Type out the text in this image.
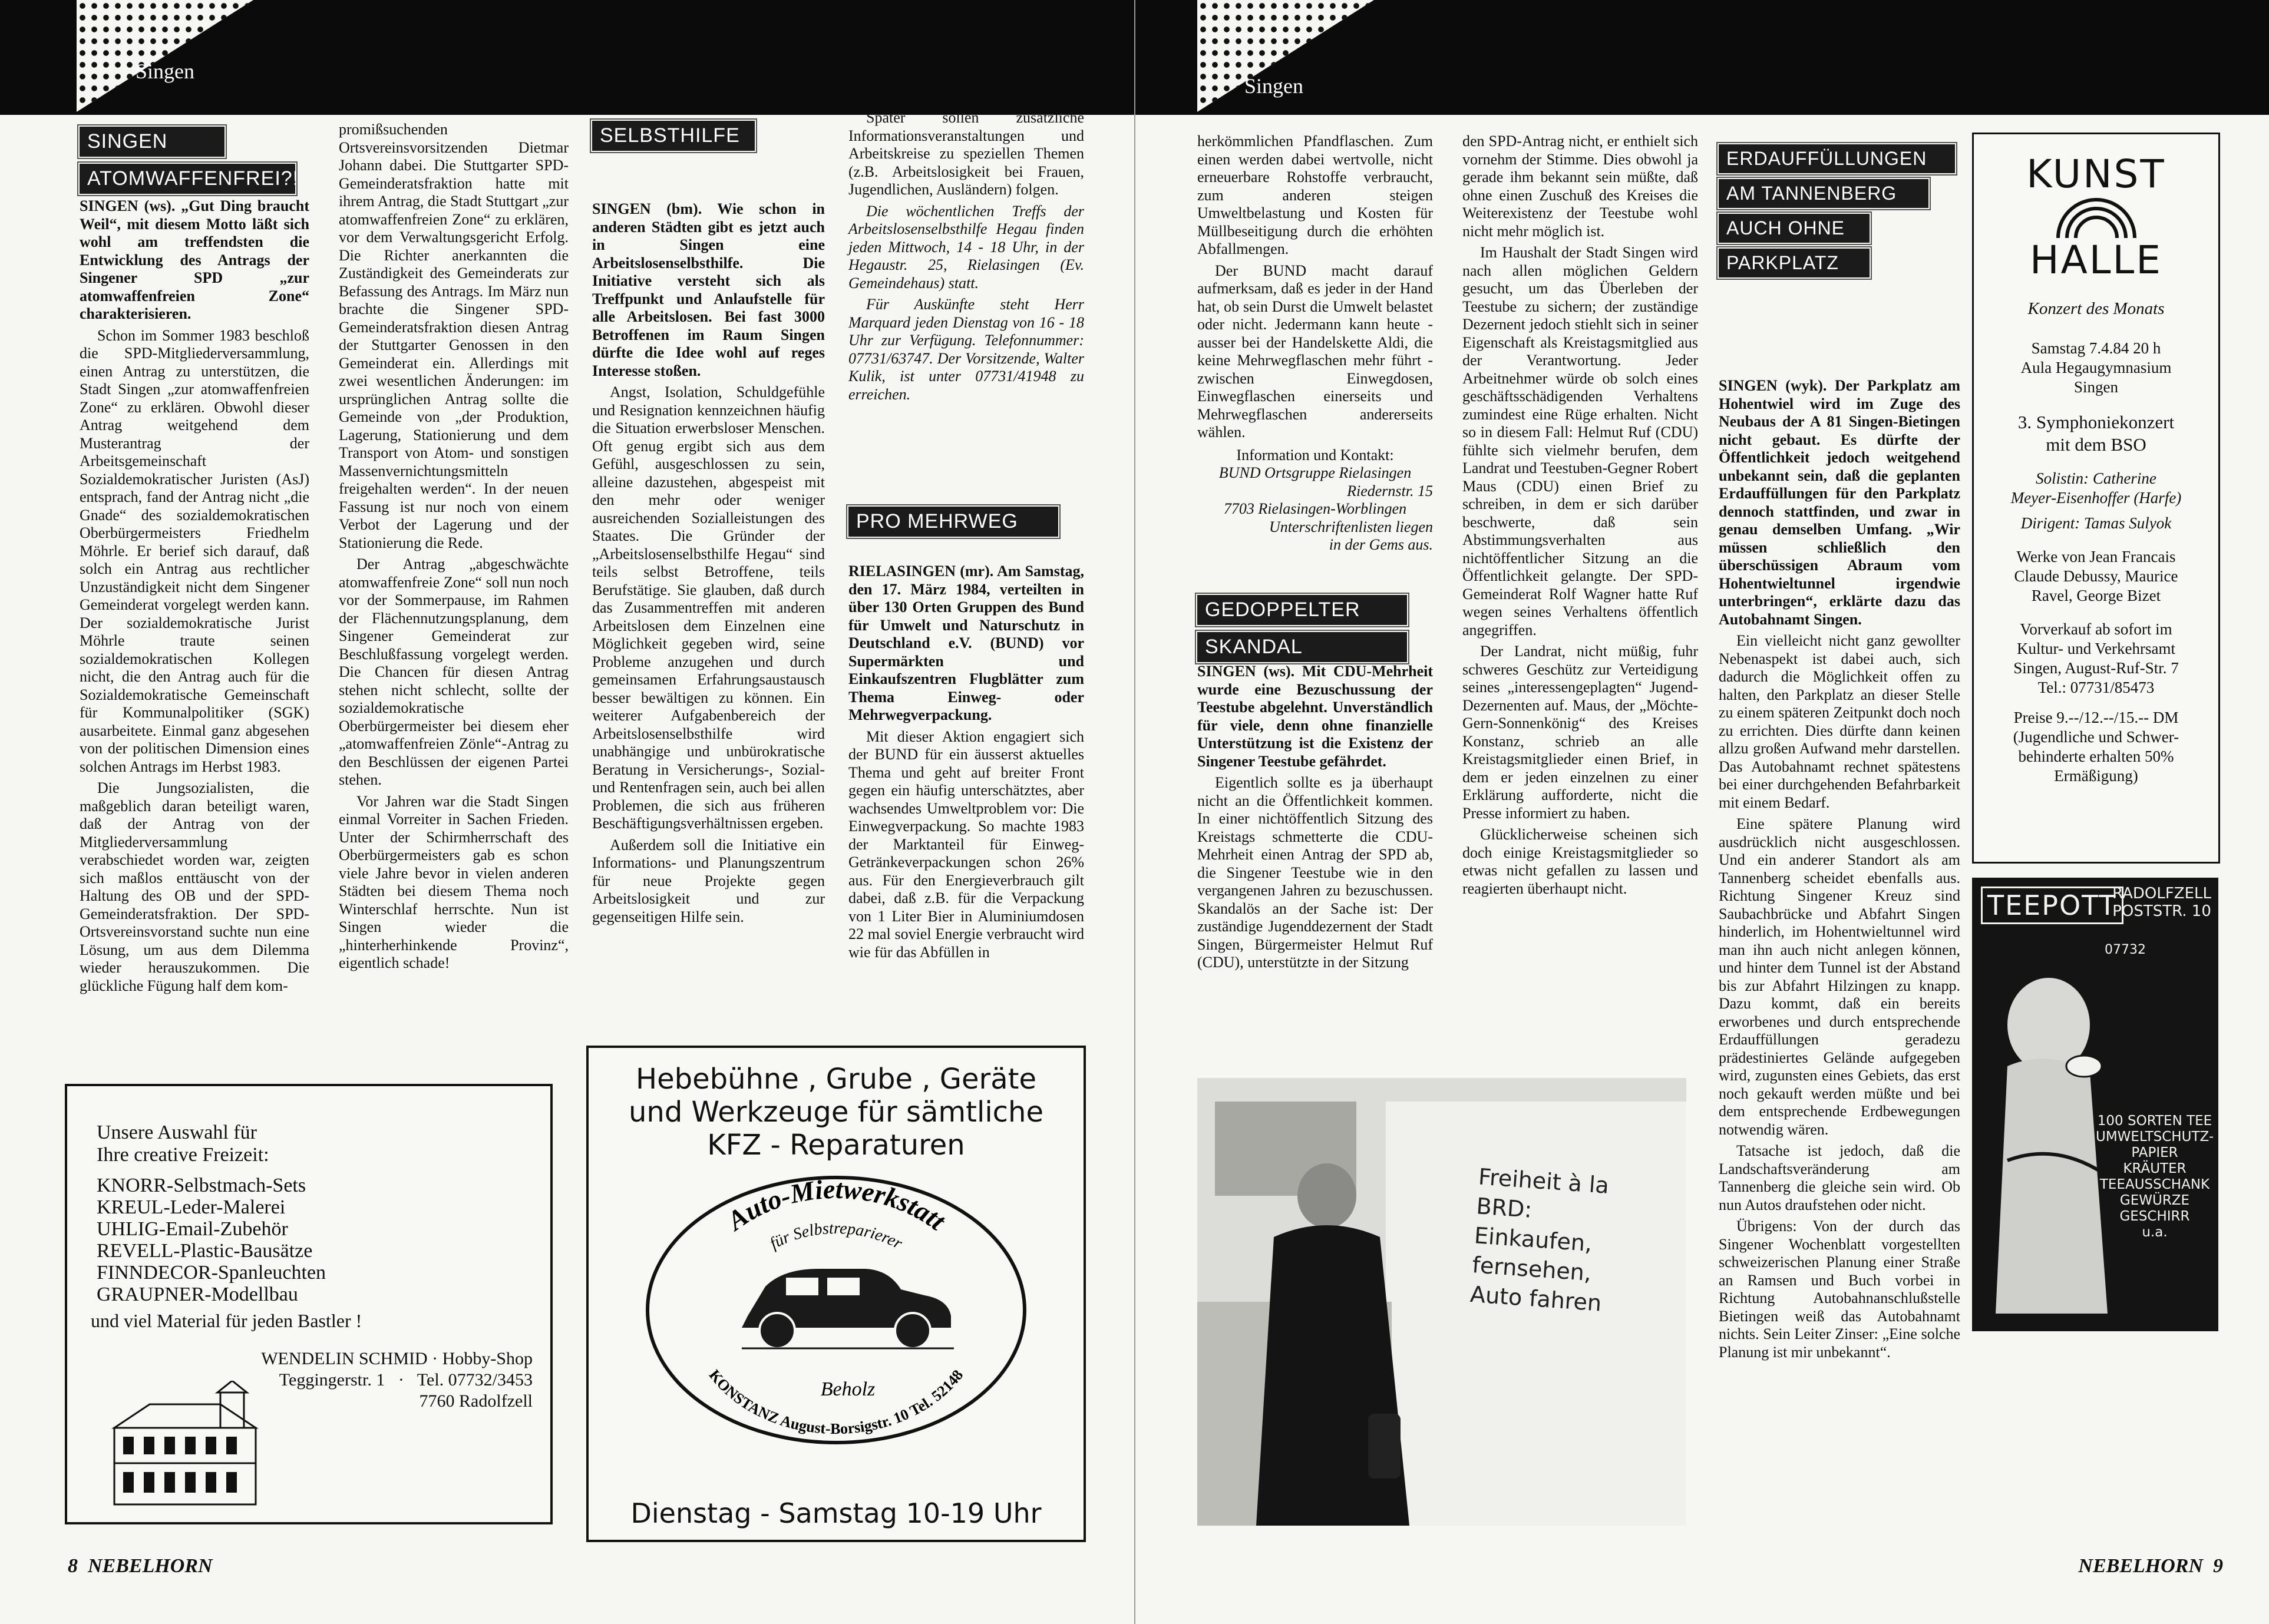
Singen
SINGEN
ATOMWAFFENFREI?!

SINGEN (ws). „Gut Ding braucht Weil“, mit diesem Motto läßt sich wohl am treffendsten die Entwicklung des Antrags der Singener SPD „zur atomwaffenfreien Zone“ charakterisieren.

Schon im Sommer 1983 beschloß die SPD-Mitgliederversammlung, einen Antrag zu unterstützen, die Stadt Singen „zur atomwaffenfreien Zone“ zu erklären. Obwohl dieser Antrag weitgehend dem Musterantrag der Arbeitsgemeinschaft Sozialdemokratischer Juristen (AsJ) entsprach, fand der Antrag nicht „die Gnade“ des sozialdemokratischen Oberbürgermeisters Friedhelm Möhrle. Er berief sich darauf, daß solch ein Antrag aus rechtlicher Unzuständigkeit nicht dem Singener Gemeinderat vorgelegt werden kann. Der sozialdemokratische Jurist Möhrle traute seinen sozialdemokratischen Kollegen nicht, die den Antrag auch für die Sozialdemokratische Gemeinschaft für Kommunalpolitiker (SGK) ausarbeitete. Einmal ganz abgesehen von der politischen Dimension eines solchen Antrags im Herbst 1983.

Die Jungsozialisten, die maßgeblich daran beteiligt waren, daß der Antrag von der Mitgliederversammlung verabschiedet worden war, zeigten sich maßlos enttäuscht von der Haltung des OB und der SPD-Gemeinderatsfraktion. Der SPD-Ortsvereinsvorstand suchte nun eine Lösung, um aus dem Dilemma wieder herauszukommen. Die glückliche Fügung half dem kom-

promißsuchenden Ortsvereinsvorsitzenden Dietmar Johann dabei. Die Stuttgarter SPD-Gemeinderatsfraktion hatte mit ihrem Antrag, die Stadt Stuttgart „zur atomwaffenfreien Zone“ zu erklären, vor dem Verwaltungsgericht Erfolg. Die Richter anerkannten die Zuständigkeit des Gemeinderats zur Befassung des Antrags. Im März nun brachte die Singener SPD-Gemeinderatsfraktion diesen Antrag der Stuttgarter Genossen in den Gemeinderat ein. Allerdings mit zwei wesentlichen Änderungen: im ursprünglichen Antrag sollte die Gemeinde von „der Produktion, Lagerung, Stationierung und dem Transport von Atom- und sonstigen Massenvernichtungsmitteln freigehalten werden“. In der neuen Fassung ist nur noch von einem Verbot der Lagerung und der Stationierung die Rede.

Der Antrag „abgeschwächte atomwaffenfreie Zone“ soll nun noch vor der Sommerpause, im Rahmen der Flächennutzungsplanung, dem Singener Gemeinderat zur Beschlußfassung vorgelegt werden. Die Chancen für diesen Antrag stehen nicht schlecht, sollte der sozialdemokratische Oberbürgermeister bei diesem eher „atomwaffenfreien Zönle“-Antrag zu den Beschlüssen der eigenen Partei stehen.

Vor Jahren war die Stadt Singen einmal Vorreiter in Sachen Frieden. Unter der Schirmherrschaft des Oberbürgermeisters gab es schon viele Jahre bevor in vielen anderen Städten bei diesem Thema noch Winterschlaf herrschte. Nun ist Singen wieder die „hinterherhinkende Provinz“, eigentlich schade!

SELBSTHILFE

SINGEN (bm). Wie schon in anderen Städten gibt es jetzt auch in Singen eine Arbeitslosenselbsthilfe. Die Initiative versteht sich als Treffpunkt und Anlaufstelle für alle Arbeitslosen. Bei fast 3000 Betroffenen im Raum Singen dürfte die Idee wohl auf reges Interesse stoßen.

Angst, Isolation, Schuldgefühle und Resignation kennzeichnen häufig die Situation erwerbsloser Menschen. Oft genug ergibt sich aus dem Gefühl, ausgeschlossen zu sein, alleine dazustehen, abgespeist mit den mehr oder weniger ausreichenden Sozialleistungen des Staates. Die Gründer der „Arbeitslosenselbsthilfe Hegau“ sind teils selbst Betroffene, teils Berufstätige. Sie glauben, daß durch das Zusammentreffen mit anderen Arbeitslosen dem Einzelnen eine Möglichkeit gegeben wird, seine Probleme anzugehen und durch gemeinsamen Erfahrungsaustausch besser bewältigen zu können. Ein weiterer Aufgabenbereich der Arbeitslosenselbsthilfe wird unabhängige und unbürokratische Beratung in Versicherungs-, Sozial- und Rentenfragen sein, auch bei allen Problemen, die sich aus früheren Beschäftigungsverhältnissen ergeben.

Außerdem soll die Initiative ein Informations- und Planungszentrum für neue Projekte gegen Arbeitslosigkeit und zur gegenseitigen Hilfe sein.

Später sollen zusätzliche Informationsveranstaltungen und Arbeitskreise zu speziellen Themen (z.B. Arbeitslosigkeit bei Frauen, Jugendlichen, Ausländern) folgen.

Die wöchentlichen Treffs der Arbeitslosenselbsthilfe Hegau finden jeden Mittwoch, 14 - 18 Uhr, in der Hegaustr. 25, Rielasingen (Ev. Gemeindehaus) statt.

Für Auskünfte steht Herr Marquard jeden Dienstag von 16 - 18 Uhr zur Verfügung. Telefonnummer: 07731/63747. Der Vorsitzende, Walter Kulik, ist unter 07731/41948 zu erreichen.

PRO MEHRWEG

RIELASINGEN (mr). Am Samstag, den 17. März 1984, verteilten in über 130 Orten Gruppen des Bund für Umwelt und Naturschutz in Deutschland e.V. (BUND) vor Supermärkten und Einkaufszentren Flugblätter zum Thema Einweg- oder Mehrwegverpackung.

Mit dieser Aktion engagiert sich der BUND für ein äusserst aktuelles Thema und geht auf breiter Front gegen ein häufig unterschätztes, aber wachsendes Umweltproblem vor: Die Einwegverpackung. So machte 1983 der Marktanteil für Einweg-Getränkeverpackungen schon 26% aus. Für den Energieverbrauch gilt dabei, daß z.B. für die Verpackung von 1 Liter Bier in Aluminiumdosen 22 mal soviel Energie verbraucht wird wie für das Abfüllen in

Unsere Auswahl für
Ihre creative Freizeit:
KNORR-Selbstmach-Sets
KREUL-Leder-Malerei
UHLIG-Email-Zubehör
REVELL-Plastic-Bausätze
FINNDECOR-Spanleuchten
GRAUPNER-Modellbau
und viel Material für jeden Bastler !
WENDELIN SCHMID · Hobby-Shop
Teggingerstr. 1   ·   Tel. 07732/3453
7760 Radolfzell
Hebebühne , Grube , Geräte
und Werkzeuge für sämtliche
KFZ - Reparaturen
Auto-Mietwerkstatt
für Selbstreparierer
KONSTANZ August-Borsigstr. 10 Tel. 52148
Beholz
Dienstag - Samstag 10-19 Uhr
8 NEBELHORN
Singen

herkömmlichen Pfandflaschen. Zum einen werden dabei wertvolle, nicht erneuerbare Rohstoffe verbraucht, zum anderen steigen Umweltbelastung und Kosten für Müllbeseitigung durch die erhöhten Abfallmengen.

Der BUND macht darauf aufmerksam, daß es jeder in der Hand hat, ob sein Durst die Umwelt belastet oder nicht. Jedermann kann heute - ausser bei der Handelskette Aldi, die keine Mehrwegflaschen mehr führt - zwischen Einwegdosen, Einwegflaschen einerseits und Mehrwegflaschen andererseits wählen.

Information und Kontakt:
BUND Ortsgruppe Rielasingen
Riedernstr. 15
7703 Rielasingen-Worblingen
Unterschriftenlisten liegen
in der Gems aus.
GEDOPPELTER
SKANDAL

SINGEN (ws). Mit CDU-Mehrheit wurde eine Bezuschussung der Teestube abgelehnt. Unverständlich für viele, denn ohne finanzielle Unterstützung ist die Existenz der Singener Teestube gefährdet.

Eigentlich sollte es ja überhaupt nicht an die Öffentlichkeit kommen. In einer nichtöffentlich Sitzung des Kreistags schmetterte die CDU-Mehrheit einen Antrag der SPD ab, die Singener Teestube wie in den vergangenen Jahren zu bezuschussen. Skandalös an der Sache ist: Der zuständige Jugenddezernent der Stadt Singen, Bürgermeister Helmut Ruf (CDU), unterstützte in der Sitzung

den SPD-Antrag nicht, er enthielt sich vornehm der Stimme. Dies obwohl ja gerade ihm bekannt sein müßte, daß ohne einen Zuschuß des Kreises die Weiterexistenz der Teestube wohl nicht mehr möglich ist.

Im Haushalt der Stadt Singen wird nach allen möglichen Geldern gesucht, um das Überleben der Teestube zu sichern; der zuständige Dezernent jedoch stiehlt sich in seiner Eigenschaft als Kreistagsmitglied aus der Verantwortung. Jeder Arbeitnehmer würde ob solch eines geschäftsschädigenden Verhaltens zumindest eine Rüge erhalten. Nicht so in diesem Fall: Helmut Ruf (CDU) fühlte sich vielmehr berufen, dem Landrat und Teestuben-Gegner Robert Maus (CDU) einen Brief zu schreiben, in dem er sich darüber beschwerte, daß sein Abstimmungsverhalten aus nichtöffentlicher Sitzung an die Öffentlichkeit gelangte. Der SPD-Gemeinderat Rolf Wagner hatte Ruf wegen seines Verhaltens öffentlich angegriffen.

Der Landrat, nicht müßig, fuhr schweres Geschütz zur Verteidigung seines „interessengeplagten“ Jugend-Dezernenten auf. Maus, der „Möchte-Gern-Sonnenkönig“ des Kreises Konstanz, schrieb an alle Kreistagsmitglieder einen Brief, in dem er jeden einzelnen zu einer Erklärung aufforderte, nicht die Presse informiert zu haben.

Glücklicherweise scheinen sich doch einige Kreistagsmitglieder so etwas nicht gefallen zu lassen und reagierten überhaupt nicht.

Freiheit à la
BRD:
Einkaufen,
fernsehen,
Auto fahren
ERDAUFFÜLLUNGEN
AM TANNENBERG
AUCH OHNE
PARKPLATZ

SINGEN (wyk). Der Parkplatz am Hohentwiel wird im Zuge des Neubaus der A 81 Singen-Bietingen nicht gebaut. Es dürfte der Öffentlichkeit jedoch weitgehend unbekannt sein, daß die geplanten Erdauffüllungen für den Parkplatz dennoch stattfinden, und zwar in genau demselben Umfang. „Wir müssen schließlich den überschüssigen Abraum vom Hohentwieltunnel irgendwie unterbringen“, erklärte dazu das Autobahnamt Singen.

Ein vielleicht nicht ganz gewollter Nebenaspekt ist dabei auch, sich dadurch die Möglichkeit offen zu halten, den Parkplatz an dieser Stelle zu einem späteren Zeitpunkt doch noch zu errichten. Dies dürfte dann keinen allzu großen Aufwand mehr darstellen. Das Autobahnamt rechnet spätestens bei einer durchgehenden Befahrbarkeit mit einem Bedarf.

Eine spätere Planung wird ausdrücklich nicht ausgeschlossen. Und ein anderer Standort als am Tannenberg scheidet ebenfalls aus. Richtung Singener Kreuz sind Saubachbrücke und Abfahrt Singen hinderlich, im Hohentwieltunnel wird man ihn auch nicht anlegen können, und hinter dem Tunnel ist der Abstand bis zur Abfahrt Hilzingen zu knapp. Dazu kommt, daß ein bereits erworbenes und durch entsprechende Erdauffüllungen geradezu prädestiniertes Gelände aufgegeben wird, zugunsten eines Gebiets, das erst noch gekauft werden müßte und bei dem entsprechende Erdbewegungen notwendig wären.

Tatsache ist jedoch, daß die Landschaftsveränderung am Tannenberg die gleiche sein wird. Ob nun Autos draufstehen oder nicht.

Übrigens: Von der durch das Singener Wochenblatt vorgestellten schweizerischen Planung einer Straße an Ramsen und Buch vorbei in Richtung Autobahnanschlußstelle Bietingen weiß das Autobahnamt nichts. Sein Leiter Zinser: „Eine solche Planung ist mir unbekannt“.

KUNST
HALLE
Konzert des Monats
Samstag 7.4.84 20 h
Aula Hegaugymnasium
Singen
3. Symphoniekonzert
mit dem BSO
Solistin: Catherine
Meyer-Eisenhoffer (Harfe)
Dirigent: Tamas Sulyok
Werke von Jean Francais
Claude Debussy, Maurice
Ravel, George Bizet
Vorverkauf ab sofort im
Kultur- und Verkehrsamt
Singen, August-Ruf-Str. 7
Tel.: 07731/85473
Preise 9.--/12.--/15.-- DM
(Jugendliche und Schwer-
behinderte erhalten 50%
Ermäßigung)
TEEPOTT
RADOLFZELL
POSTSTR. 10
07732
100 SORTEN TEE
UMWELTSCHUTZ-
PAPIER
KRÄUTER
TEEAUSSCHANK
GEWÜRZE
GESCHIRR
u.a.
NEBELHORN 9
